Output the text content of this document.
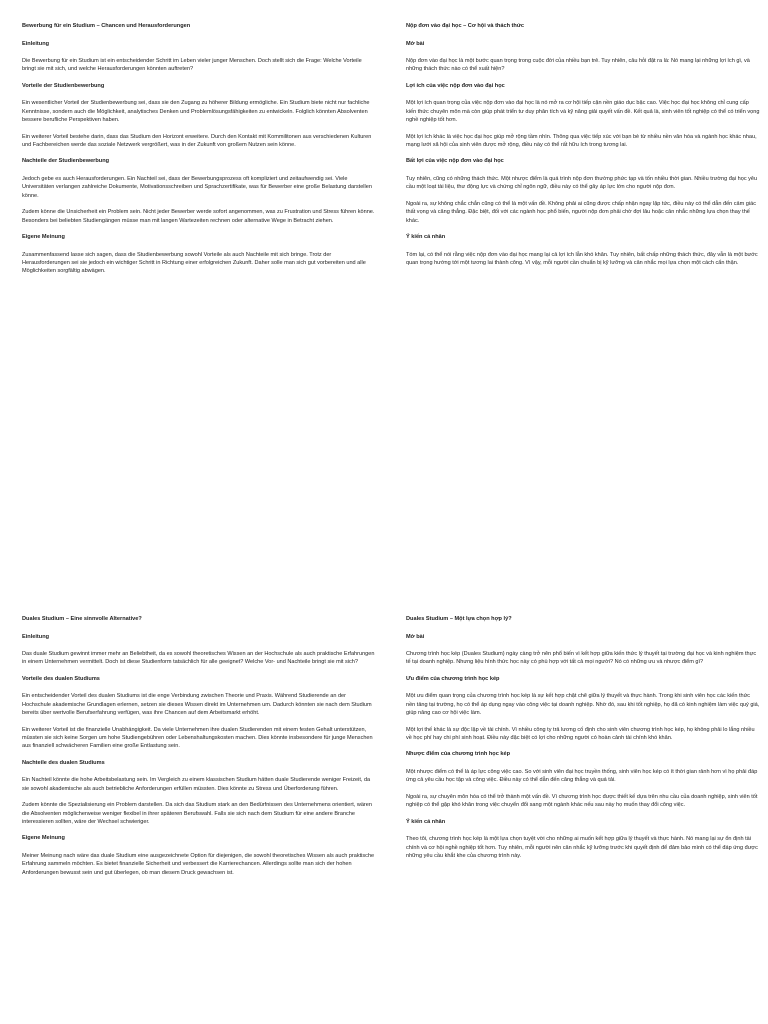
Bewerbung für ein Studium – Chancen und Herausforderungen
Einleitung

Die Bewerbung für ein Studium ist ein entscheidender Schritt im Leben vieler junger Menschen. Doch stellt sich die Frage: Welche Vorteile bringt sie mit sich, und welche Herausforderungen könnten auftreten?

Vorteile der Studienbewerbung

Ein wesentlicher Vorteil der Studienbewerbung sei, dass sie den Zugang zu höherer Bildung ermögliche. Ein Studium biete nicht nur fachliche Kenntnisse, sondern auch die Möglichkeit, analytisches Denken und Problemlösungsfähigkeiten zu entwickeln. Folglich könnten Absolventen bessere berufliche Perspektiven haben.

Ein weiterer Vorteil bestehe darin, dass das Studium den Horizont erweitere. Durch den Kontakt mit Kommilitonen aus verschiedenen Kulturen und Fachbereichen werde das soziale Netzwerk vergrößert, was in der Zukunft von großem Nutzen sein könne.

Nachteile der Studienbewerbung

Jedoch gebe es auch Herausforderungen. Ein Nachteil sei, dass der Bewerbungsprozess oft kompliziert und zeitaufwendig sei. Viele Universitäten verlangen zahlreiche Dokumente, Motivationsschreiben und Sprachzertifikate, was für Bewerber eine große Belastung darstellen könne.

Zudem könne die Unsicherheit ein Problem sein. Nicht jeder Bewerber werde sofort angenommen, was zu Frustration und Stress führen könne. Besonders bei beliebten Studiengängen müsse man mit langen Wartezeiten rechnen oder alternative Wege in Betracht ziehen.

Eigene Meinung

Zusammenfassend lasse sich sagen, dass die Studienbewerbung sowohl Vorteile als auch Nachteile mit sich bringe. Trotz der Herausforderungen sei sie jedoch ein wichtiger Schritt in Richtung einer erfolgreichen Zukunft. Daher solle man sich gut vorbereiten und alle Möglichkeiten sorgfältig abwägen.

Nộp đơn vào đại học – Cơ hội và thách thức
Mở bài

Nộp đơn vào đại học là một bước quan trọng trong cuộc đời của nhiều bạn trẻ. Tuy nhiên, câu hỏi đặt ra là: Nó mang lại những lợi ích gì, và những thách thức nào có thể xuất hiện?

Lợi ích của việc nộp đơn vào đại học

Một lợi ích quan trọng của việc nộp đơn vào đại học là nó mở ra cơ hội tiếp cận nền giáo dục bậc cao. Việc học đại học không chỉ cung cấp kiến thức chuyên môn mà còn giúp phát triển tư duy phân tích và kỹ năng giải quyết vấn đề. Kết quả là, sinh viên tốt nghiệp có thể có triển vọng nghề nghiệp tốt hơn.

Một lợi ích khác là việc học đại học giúp mở rộng tầm nhìn. Thông qua việc tiếp xúc với bạn bè từ nhiều nền văn hóa và ngành học khác nhau, mạng lưới xã hội của sinh viên được mở rộng, điều này có thể rất hữu ích trong tương lai.

Bất lợi của việc nộp đơn vào đại học

Tuy nhiên, cũng có những thách thức. Một nhược điểm là quá trình nộp đơn thường phức tạp và tốn nhiều thời gian. Nhiều trường đại học yêu cầu một loạt tài liệu, thư động lực và chứng chỉ ngôn ngữ, điều này có thể gây áp lực lớn cho người nộp đơn.

Ngoài ra, sự không chắc chắn cũng có thể là một vấn đề. Không phải ai cũng được chấp nhận ngay lập tức, điều này có thể dẫn đến cảm giác thất vọng và căng thẳng. Đặc biệt, đối với các ngành học phổ biến, người nộp đơn phải chờ đợi lâu hoặc cân nhắc những lựa chọn thay thế khác.

Ý kiến cá nhân

Tóm lại, có thể nói rằng việc nộp đơn vào đại học mang lại cả lợi ích lẫn khó khăn. Tuy nhiên, bất chấp những thách thức, đây vẫn là một bước quan trọng hướng tới một tương lai thành công. Vì vậy, mỗi người cần chuẩn bị kỹ lưỡng và cân nhắc mọi lựa chọn một cách cẩn thận.

Duales Studium – Eine sinnvolle Alternative?
Einleitung

Das duale Studium gewinnt immer mehr an Beliebtheit, da es sowohl theoretisches Wissen an der Hochschule als auch praktische Erfahrungen in einem Unternehmen vermittelt. Doch ist diese Studienform tatsächlich für alle geeignet? Welche Vor- und Nachteile bringt sie mit sich?

Vorteile des dualen Studiums

Ein entscheidender Vorteil des dualen Studiums ist die enge Verbindung zwischen Theorie und Praxis. Während Studierende an der Hochschule akademische Grundlagen erlernen, setzen sie dieses Wissen direkt im Unternehmen um. Dadurch könnten sie nach dem Studium bereits über wertvolle Berufserfahrung verfügen, was ihre Chancen auf dem Arbeitsmarkt erhöht.

Ein weiterer Vorteil ist die finanzielle Unabhängigkeit. Da viele Unternehmen ihre dualen Studierenden mit einem festen Gehalt unterstützen, müssten sie sich keine Sorgen um hohe Studiengebühren oder Lebenshaltungskosten machen. Dies könnte insbesondere für junge Menschen aus finanziell schwächeren Familien eine große Entlastung sein.

Nachteile des dualen Studiums

Ein Nachteil könnte die hohe Arbeitsbelastung sein. Im Vergleich zu einem klassischen Studium hätten duale Studierende weniger Freizeit, da sie sowohl akademische als auch betriebliche Anforderungen erfüllen müssten. Dies könnte zu Stress und Überforderung führen.

Zudem könnte die Spezialisierung ein Problem darstellen. Da sich das Studium stark an den Bedürfnissen des Unternehmens orientiert, wären die Absolventen möglicherweise weniger flexibel in ihrer späteren Berufswahl. Falls sie sich nach dem Studium für eine andere Branche interessieren sollten, wäre der Wechsel schwieriger.

Eigene Meinung

Meiner Meinung nach wäre das duale Studium eine ausgezeichnete Option für diejenigen, die sowohl theoretisches Wissen als auch praktische Erfahrung sammeln möchten. Es bietet finanzielle Sicherheit und verbessert die Karrierechancen. Allerdings sollte man sich der hohen Anforderungen bewusst sein und gut überlegen, ob man diesem Druck gewachsen ist.

Duales Studium – Một lựa chọn hợp lý?
Mở bài

Chương trình học kép (Duales Studium) ngày càng trở nên phổ biến vì kết hợp giữa kiến thức lý thuyết tại trường đại học và kinh nghiệm thực tế tại doanh nghiệp. Nhưng liệu hình thức học này có phù hợp với tất cả mọi người? Nó có những ưu và nhược điểm gì?

Ưu điểm của chương trình học kép

Một ưu điểm quan trọng của chương trình học kép là sự kết hợp chặt chẽ giữa lý thuyết và thực hành. Trong khi sinh viên học các kiến thức nền tảng tại trường, họ có thể áp dụng ngay vào công việc tại doanh nghiệp. Nhờ đó, sau khi tốt nghiệp, họ đã có kinh nghiệm làm việc quý giá, giúp nâng cao cơ hội việc làm.

Một lợi thế khác là sự độc lập về tài chính. Vì nhiều công ty trả lương cố định cho sinh viên chương trình học kép, họ không phải lo lắng nhiều về học phí hay chi phí sinh hoạt. Điều này đặc biệt có lợi cho những người có hoàn cảnh tài chính khó khăn.

Nhược điểm của chương trình học kép

Một nhược điểm có thể là áp lực công việc cao. So với sinh viên đại học truyền thống, sinh viên học kép có ít thời gian rảnh hơn vì họ phải đáp ứng cả yêu cầu học tập và công việc. Điều này có thể dẫn đến căng thẳng và quá tải.

Ngoài ra, sự chuyên môn hóa có thể trở thành một vấn đề. Vì chương trình học được thiết kế dựa trên nhu cầu của doanh nghiệp, sinh viên tốt nghiệp có thể gặp khó khăn trong việc chuyển đổi sang một ngành khác nếu sau này họ muốn thay đổi công việc.

Ý kiến cá nhân

Theo tôi, chương trình học kép là một lựa chọn tuyệt vời cho những ai muốn kết hợp giữa lý thuyết và thực hành. Nó mang lại sự ổn định tài chính và cơ hội nghề nghiệp tốt hơn. Tuy nhiên, mỗi người nên cân nhắc kỹ lưỡng trước khi quyết định để đảm bảo mình có thể đáp ứng được những yêu cầu khắt khe của chương trình này.
